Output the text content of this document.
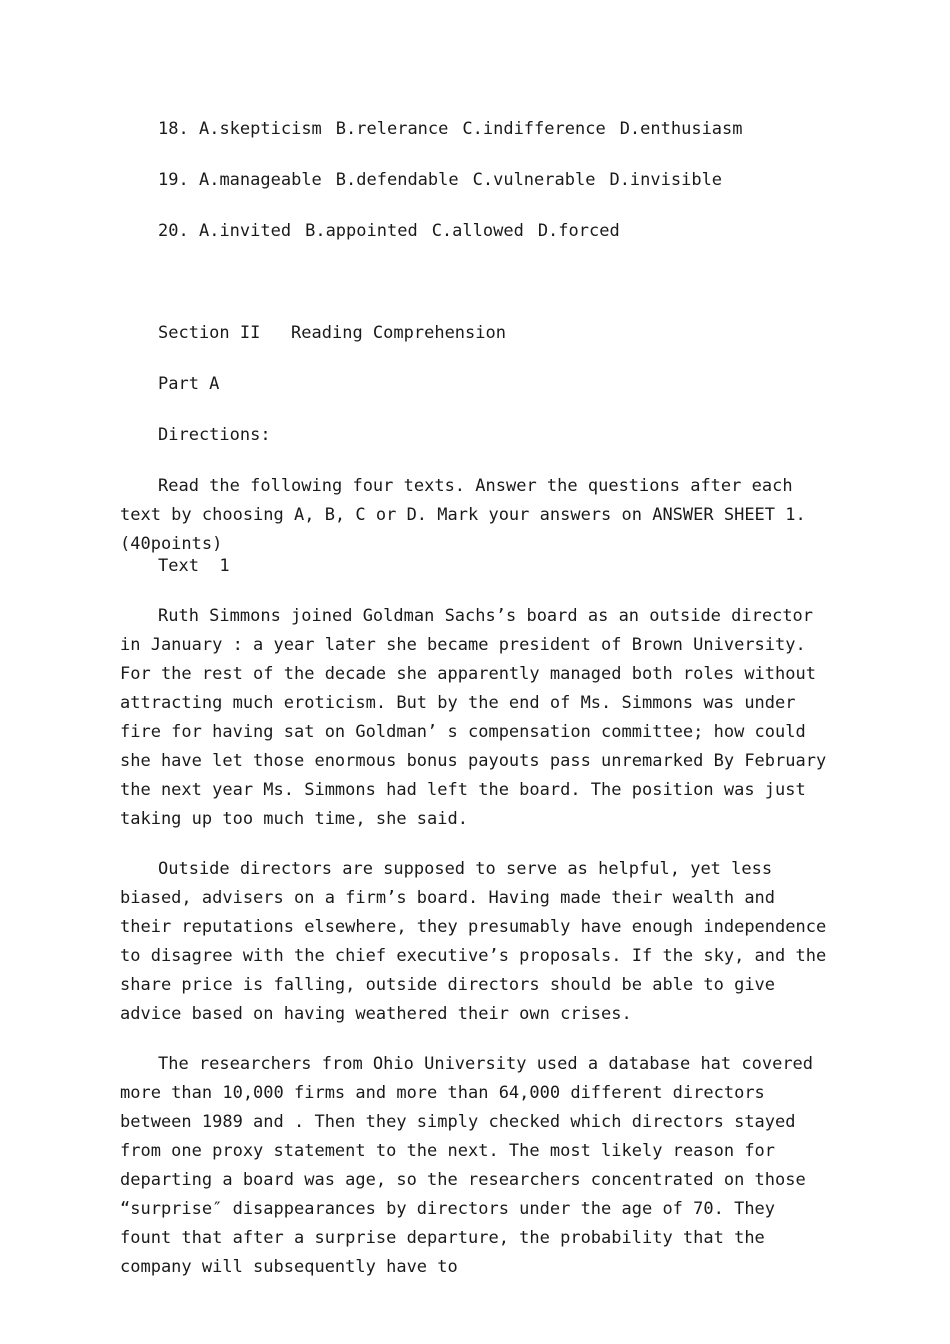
18. A.skepticism B.relerance C.indifference D.enthusiasm
19. A.manageable B.defendable C.vulnerable D.invisible
20. A.invited B.appointed C.allowed D.forced
Section II   Reading Comprehension
Part A
Directions:

Read the following four texts. Answer the questions after each text by choosing A, B, C or D. Mark your answers on ANSWER SHEET 1. (40points)

Text  1

Ruth Simmons joined Goldman Sachs’s board as an outside director in January : a year later she became president of Brown University. For the rest of the decade she apparently managed both roles without attracting much eroticism. But by the end of Ms. Simmons was under fire for having sat on Goldman’ s compensation committee; how could she have let those enormous bonus payouts pass unremarked By February the next year Ms. Simmons had left the board. The position was just taking up too much time, she said.

Outside directors are supposed to serve as helpful, yet less biased, advisers on a firm’s board. Having made their wealth and their reputations elsewhere, they presumably have enough independence to disagree with the chief executive’s proposals. If the sky, and the share price is falling, outside directors should be able to give advice based on having weathered their own crises.

The researchers from Ohio University used a database hat covered more than 10,000 firms and more than 64,000 different directors between 1989 and . Then they simply checked which directors stayed from one proxy statement to the next. The most likely reason for departing a board was age, so the researchers concentrated on those “surprise″ disappearances by directors under the age of 70. They fount that after a surprise departure, the probability that the company will subsequently have to
